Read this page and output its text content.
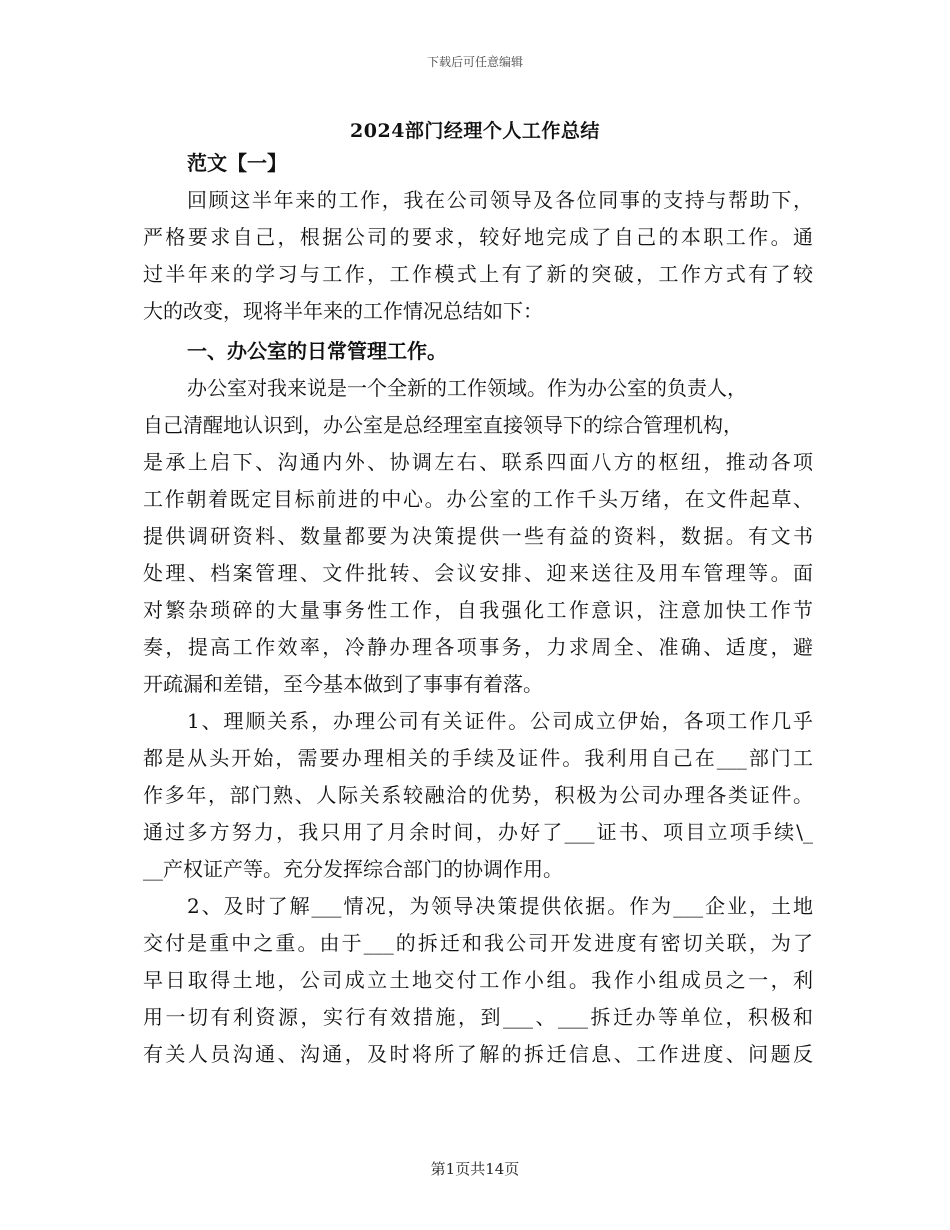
下载后可任意编辑
2024部门经理个人工作总结
范文【一】
回顾这半年来的工作，我在公司领导及各位同事的支持与帮助下，
严格要求自己，根据公司的要求，较好地完成了自己的本职工作。通
过半年来的学习与工作，工作模式上有了新的突破，工作方式有了较
大的改变，现将半年来的工作情况总结如下：
一、办公室的日常管理工作。
办公室对我来说是一个全新的工作领域。作为办公室的负责人，
自己清醒地认识到，办公室是总经理室直接领导下的综合管理机构，
是承上启下、沟通内外、协调左右、联系四面八方的枢纽，推动各项
工作朝着既定目标前进的中心。办公室的工作千头万绪，在文件起草、
提供调研资料、数量都要为决策提供一些有益的资料，数据。有文书
处理、档案管理、文件批转、会议安排、迎来送往及用车管理等。面
对繁杂琐碎的大量事务性工作，自我强化工作意识，注意加快工作节
奏，提高工作效率，冷静办理各项事务，力求周全、准确、适度，避
开疏漏和差错，至今基本做到了事事有着落。
1、理顺关系，办理公司有关证件。公司成立伊始，各项工作几乎
都是从头开始，需要办理相关的手续及证件。我利用自己在___部门工
作多年，部门熟、人际关系较融洽的优势，积极为公司办理各类证件。
通过多方努力，我只用了月余时间，办好了___证书、项目立项手续\_
__产权证产等。充分发挥综合部门的协调作用。
2、及时了解___情况，为领导决策提供依据。作为___企业，土地
交付是重中之重。由于___的拆迁和我公司开发进度有密切关联，为了
早日取得土地，公司成立土地交付工作小组。我作小组成员之一，利
用一切有利资源，实行有效措施，到___、___拆迁办等单位，积极和
有关人员沟通、沟通，及时将所了解的拆迁信息、工作进度、问题反
第1页共14页
